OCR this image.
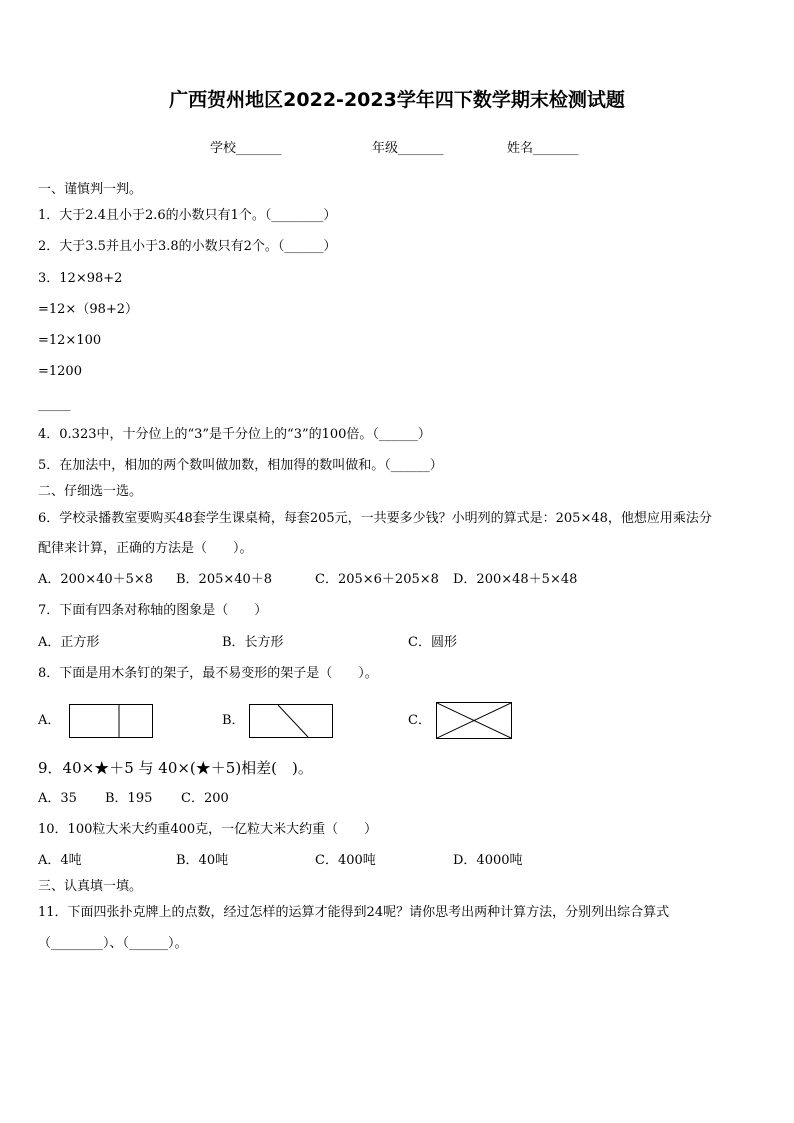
广西贺州地区2022-2023学年四下数学期末检测试题
学校_______	年级_______	姓名_______
一、谨慎判一判。
1．大于2.4且小于2.6的小数只有1个。（________）
2．大于3.5并且小于3.8的小数只有2个。（______）
3．12×98+2
=12×（98+2）
=12×100
=1200
_____
4．0.323中，十分位上的“3”是千分位上的“3”的100倍。（______）
5．在加法中，相加的两个数叫做加数，相加得的数叫做和。（______）
二、仔细选一选。
6．学校录播教室要购买48套学生课桌椅，每套205元，一共要多少钱？小明列的算式是：205×48，他想应用乘法分
配律来计算，正确的方法是（　　）。
A．200×40＋5×8 B．205×40＋8	C．205×6＋205×8 D．200×48＋5×48
7．下面有四条对称轴的图象是（　　）
A．正方形	B．长方形	C．圆形
8．下面是用木条钉的架子，最不易变形的架子是（　　）。
A．	B．	C．
9．40×★＋5 与 40×(★＋5)相差(　)。
A．35 B．195 C．200
10．100粒大米大约重400克，一亿粒大米大约重（　　）
A．4吨	B．40吨	C．400吨	D．4000吨
三、认真填一填。
11．下面四张扑克牌上的点数，经过怎样的运算才能得到24呢？请你思考出两种计算方法，分别列出综合算式
（________）、（______）。
